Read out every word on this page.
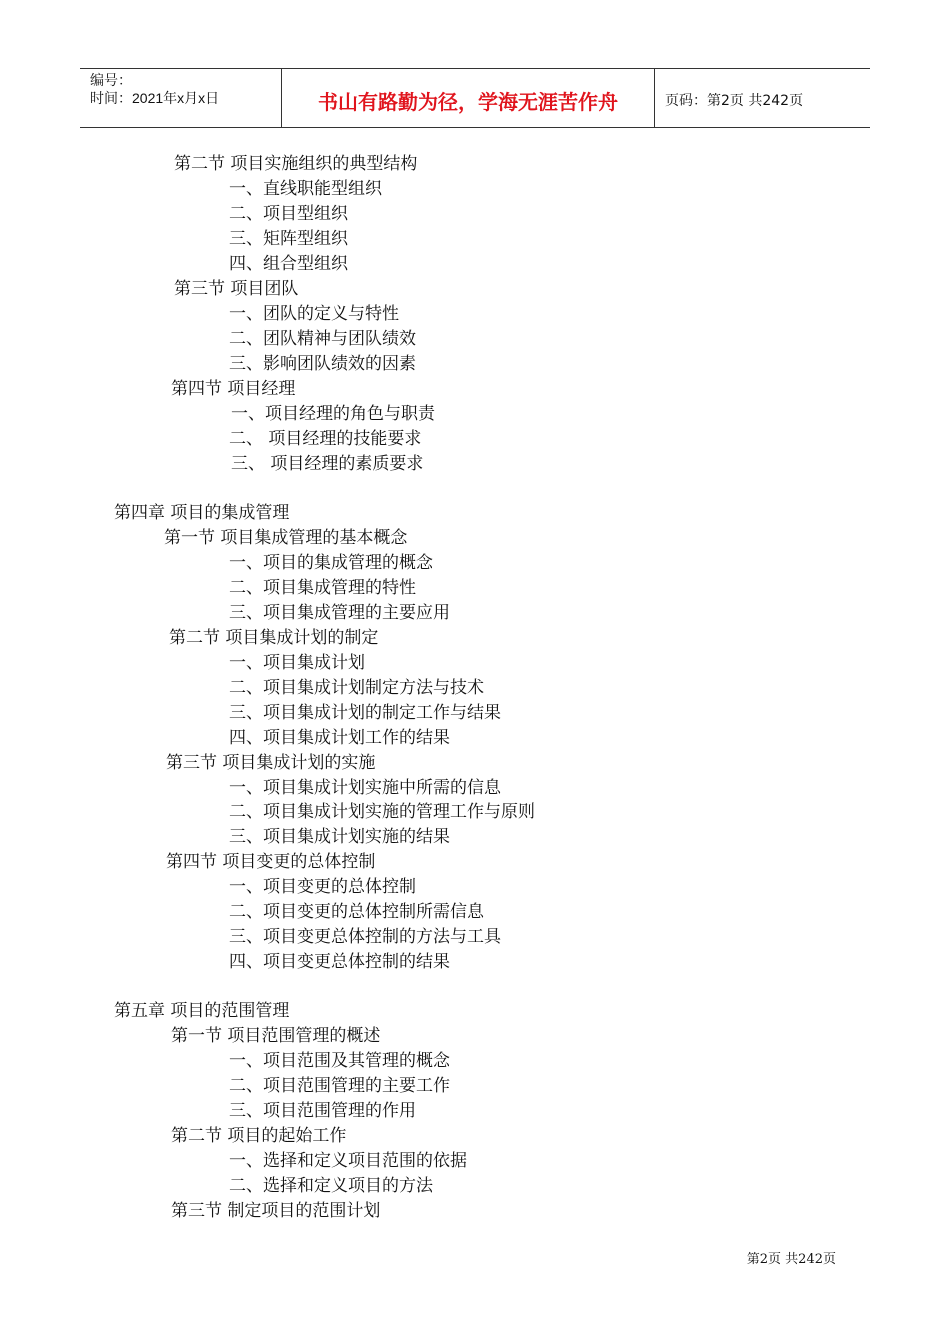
编号：
时间：2021年x月x日	书山有路勤为径，学海无涯苦作舟	页码：第2页 共242页
第二节 项目实施组织的典型结构
一、直线职能型组织
二、项目型组织
三、矩阵型组织
四、组合型组织
第三节 项目团队
一、团队的定义与特性
二、团队精神与团队绩效
三、影响团队绩效的因素
第四节 项目经理
一、项目经理的角色与职责
二、 项目经理的技能要求
三、 项目经理的素质要求
第四章 项目的集成管理
第一节 项目集成管理的基本概念
一、项目的集成管理的概念
二、项目集成管理的特性
三、项目集成管理的主要应用
第二节 项目集成计划的制定
一、项目集成计划
二、项目集成计划制定方法与技术
三、项目集成计划的制定工作与结果
四、项目集成计划工作的结果
第三节 项目集成计划的实施
一、项目集成计划实施中所需的信息
二、项目集成计划实施的管理工作与原则
三、项目集成计划实施的结果
第四节 项目变更的总体控制
一、项目变更的总体控制
二、项目变更的总体控制所需信息
三、项目变更总体控制的方法与工具
四、项目变更总体控制的结果
第五章 项目的范围管理
第一节 项目范围管理的概述
一、项目范围及其管理的概念
二、项目范围管理的主要工作
三、项目范围管理的作用
第二节 项目的起始工作
一、选择和定义项目范围的依据
二、选择和定义项目的方法
第三节 制定项目的范围计划
第2页 共242页
